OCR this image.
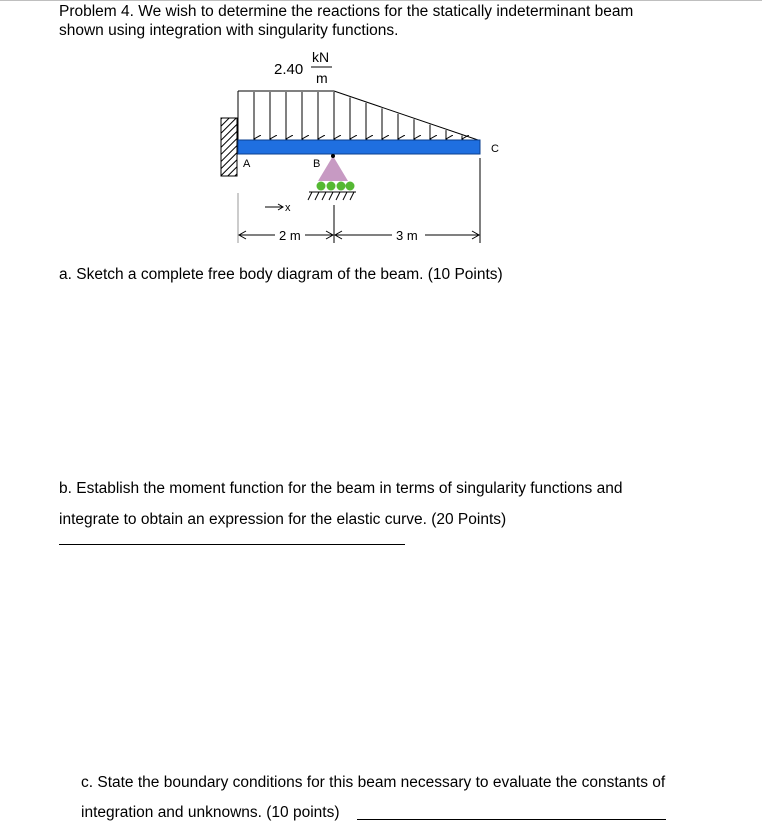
Problem 4. We wish to determine the reactions for the statically indeterminant beam
shown using integration with singularity functions.
2.40
kN
m
A	B
C
x
2 m	3 m
a. Sketch a complete free body diagram of the beam. (10 Points)
b. Establish the moment function for the beam in terms of singularity functions and
integrate to obtain an expression for the elastic curve. (20 Points)
c. State the boundary conditions for this beam necessary to evaluate the constants of
integration and unknowns. (10 points)
